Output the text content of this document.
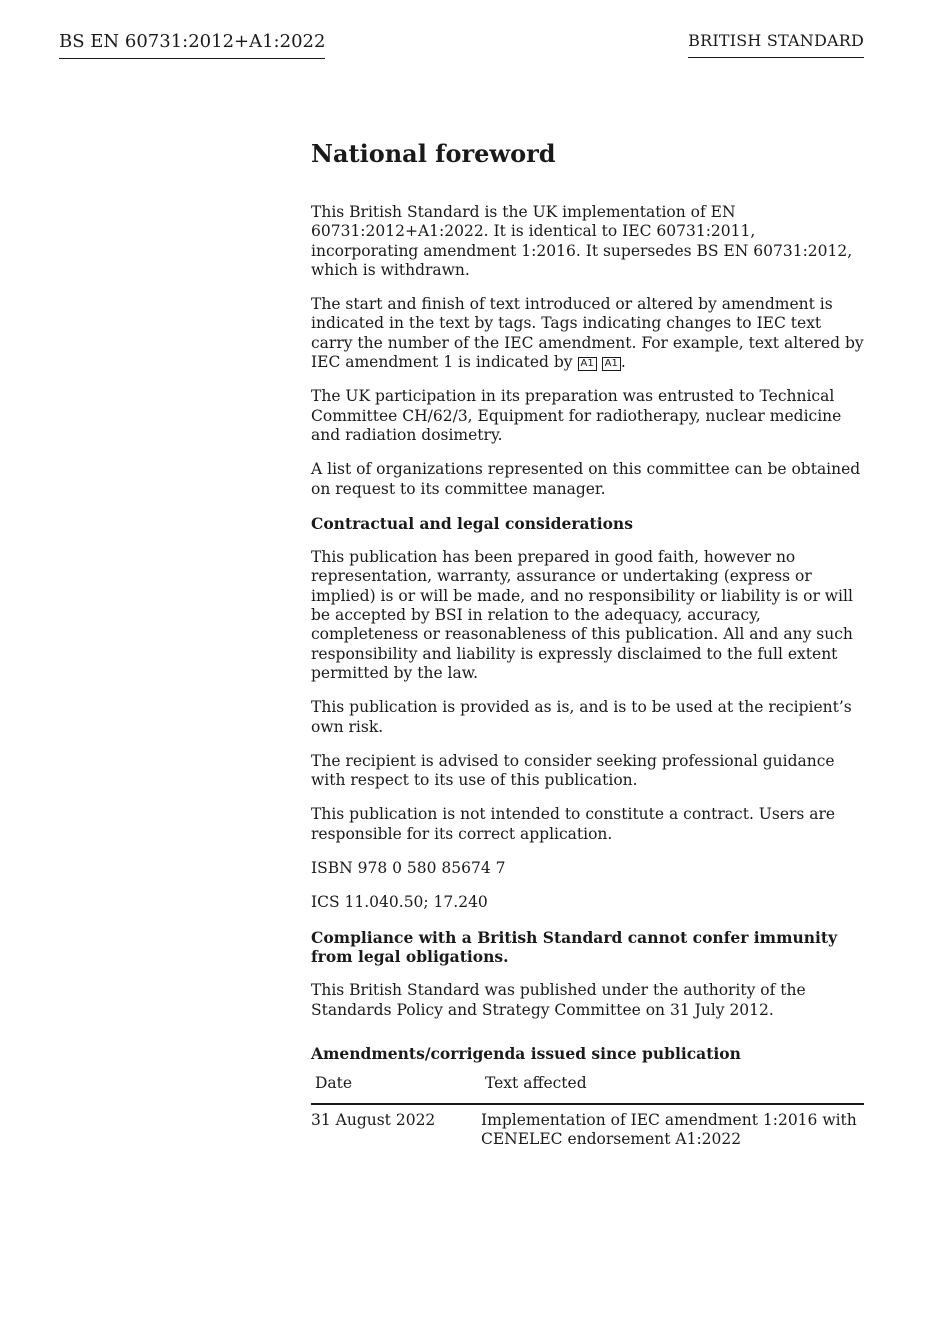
BS EN 60731:2012+A1:2022	BRITISH STANDARD
National foreword

This British Standard is the UK implementation of EN 60731:2012+A1:2022. It is identical to IEC 60731:2011, incorporating amendment 1:2016. It supersedes BS EN 60731:2012, which is withdrawn.

The start and finish of text introduced or altered by amendment is indicated in the text by tags. Tags indicating changes to IEC text carry the number of the IEC amendment. For example, text altered by IEC amendment 1 is indicated by A1 A1 .

The UK participation in its preparation was entrusted to Technical Committee CH/62/3, Equipment for radiotherapy, nuclear medicine and radiation dosimetry.

A list of organizations represented on this committee can be obtained on request to its committee manager.

Contractual and legal considerations

This publication has been prepared in good faith, however no representation, warranty, assurance or undertaking (express or implied) is or will be made, and no responsibility or liability is or will be accepted by BSI in relation to the adequacy, accuracy, completeness or reasonableness of this publication. All and any such responsibility and liability is expressly disclaimed to the full extent permitted by the law.

This publication is provided as is, and is to be used at the recipient’s own risk.

The recipient is advised to consider seeking professional guidance with respect to its use of this publication.

This publication is not intended to constitute a contract. Users are responsible for its correct application.

ISBN 978 0 580 85674 7

ICS 11.040.50; 17.240

Compliance with a British Standard cannot confer immunity from legal obligations.

This British Standard was published under the authority of the Standards Policy and Strategy Committee on 31 July 2012.

Amendments/corrigenda issued since publication
Date	Text affected
31 August 2022	Implementation of IEC amendment 1:2016 with CENELEC endorsement A1:2022
